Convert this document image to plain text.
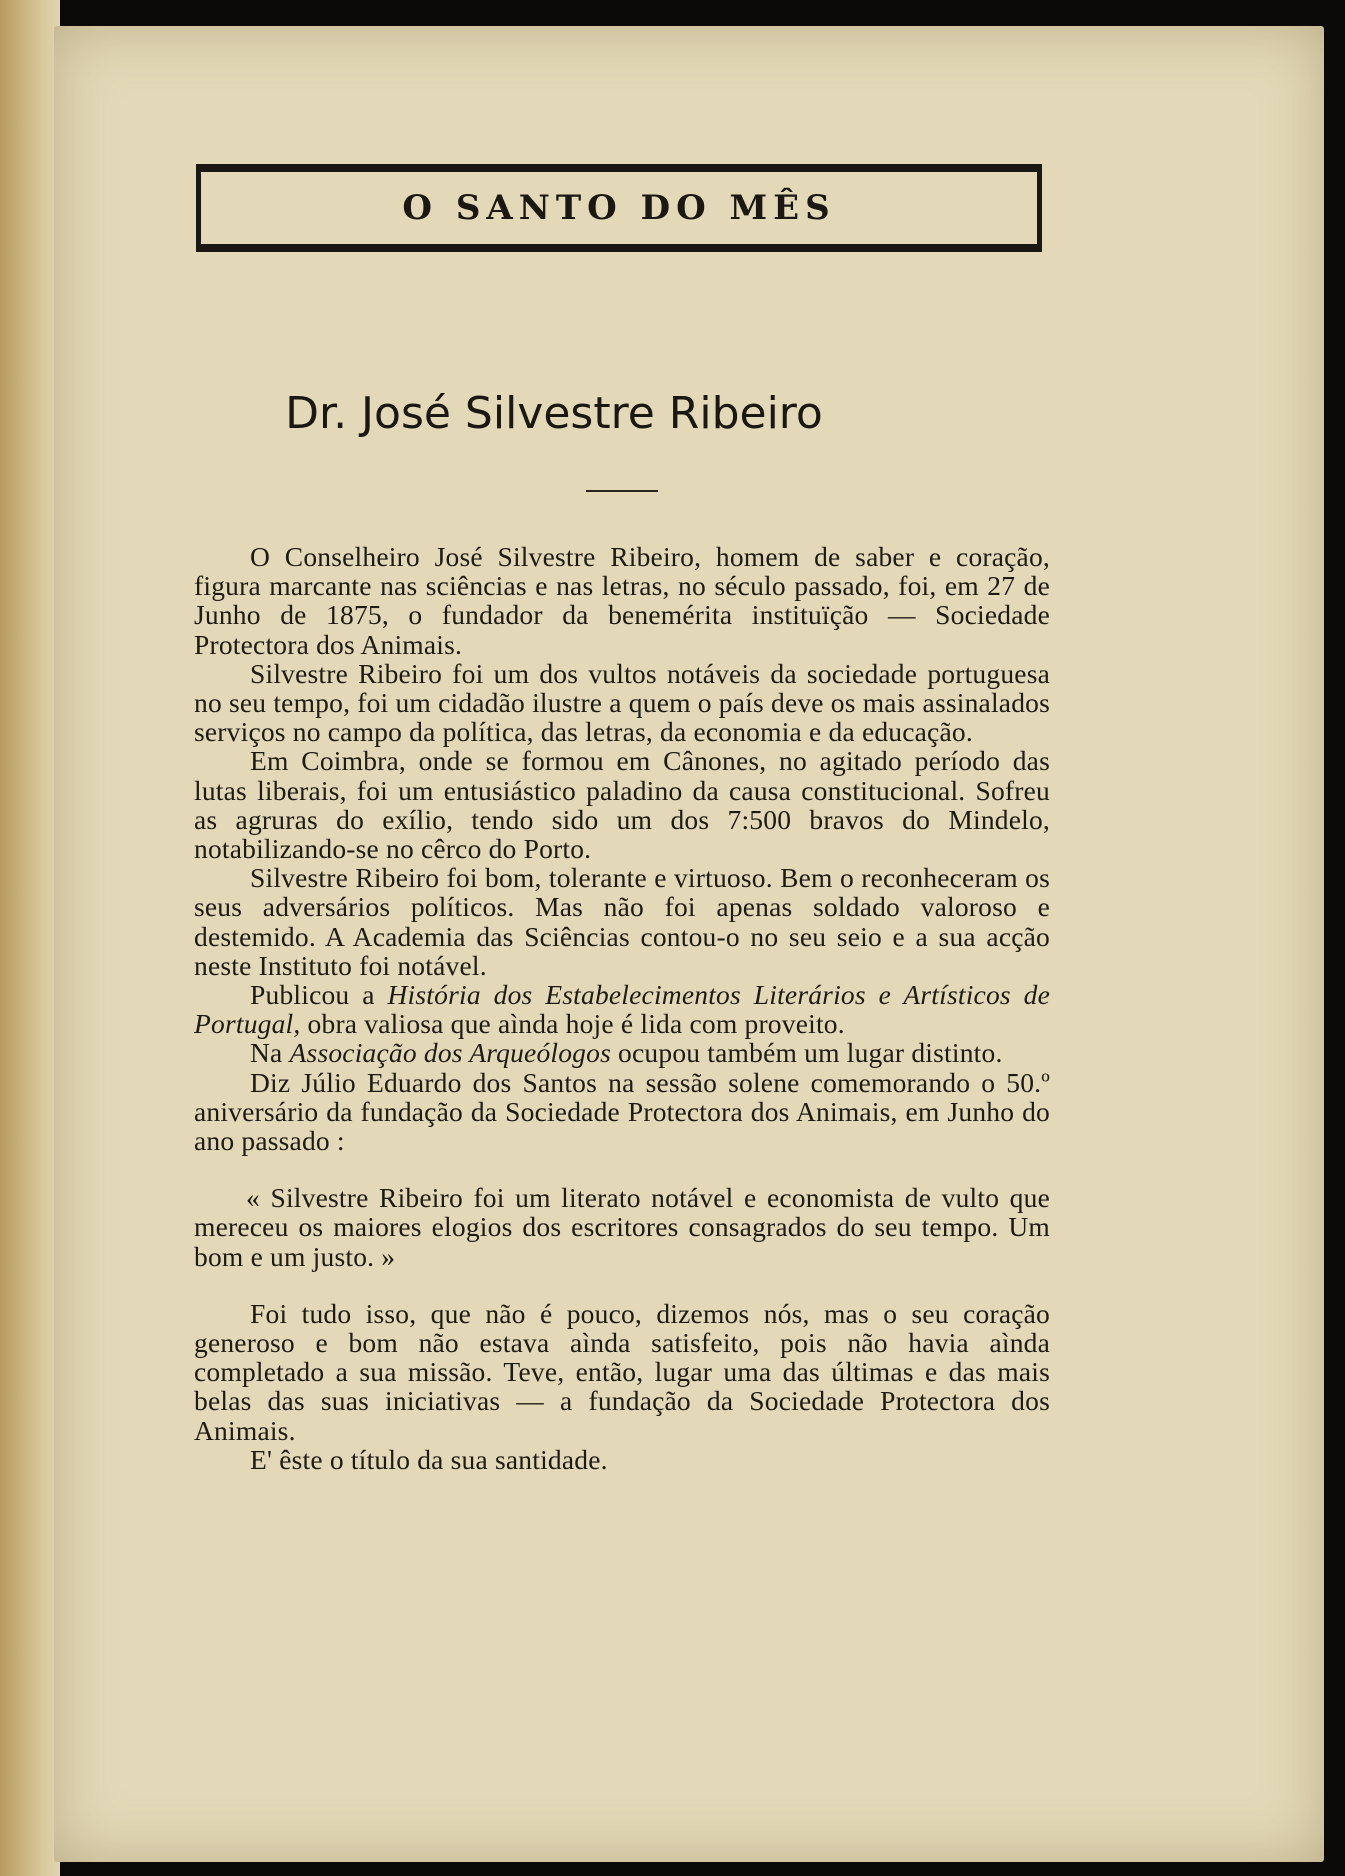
O SANTO DO MÊS
Dr. José Silvestre Ribeiro

O Conselheiro José Silvestre Ribeiro, homem de saber e coração, figura marcante nas sciências e nas letras, no século passado, foi, em 27 de Junho de 1875, o fundador da benemérita instituïção — Sociedade Protectora dos Animais.

Silvestre Ribeiro foi um dos vultos notáveis da sociedade portuguesa no seu tempo, foi um cidadão ilustre a quem o país deve os mais assinalados serviços no campo da política, das letras, da economia e da educação.

Em Coimbra, onde se formou em Cânones, no agitado período das lutas liberais, foi um entusiástico paladino da causa constitucional. Sofreu as agruras do exílio, tendo sido um dos 7:500 bravos do Mindelo, notabilizando-se no cêrco do Porto.

Silvestre Ribeiro foi bom, tolerante e virtuoso. Bem o reconheceram os seus adversários políticos. Mas não foi apenas soldado valoroso e destemido. A Academia das Sciências contou-o no seu seio e a sua acção neste Instituto foi notável.

Publicou a História dos Estabelecimentos Literários e Artísticos de Portugal, obra valiosa que aìnda hoje é lida com proveito.

Na Associação dos Arqueólogos ocupou também um lugar distinto.

Diz Júlio Eduardo dos Santos na sessão solene comemorando o 50.º aniversário da fundação da Sociedade Protectora dos Animais, em Junho do ano passado :

« Silvestre Ribeiro foi um literato notável e economista de vulto que mereceu os maiores elogios dos escritores consagrados do seu tempo. Um bom e um justo. »

Foi tudo isso, que não é pouco, dizemos nós, mas o seu coração generoso e bom não estava aìnda satisfeito, pois não havia aìnda completado a sua missão. Teve, então, lugar uma das últimas e das mais belas das suas iniciativas — a fundação da Sociedade Protectora dos Animais.

E' êste o título da sua santidade.
